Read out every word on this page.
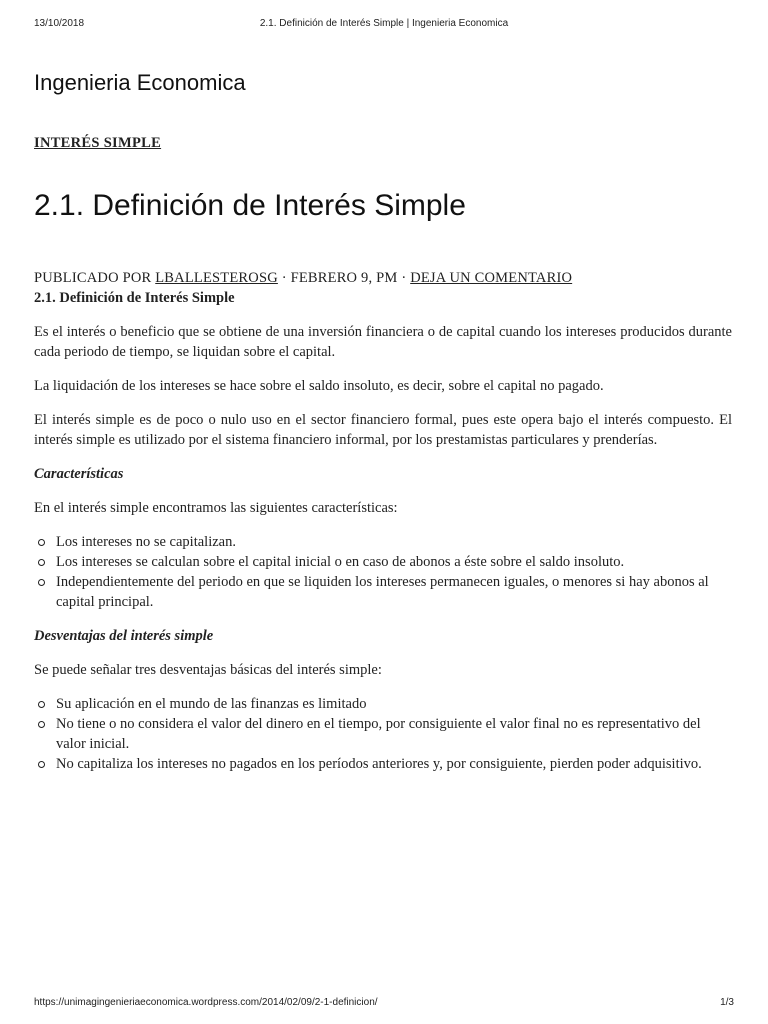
13/10/2018	2.1. Definición de Interés Simple | Ingenieria Economica
Ingenieria Economica
INTERÉS SIMPLE
2.1. Definición de Interés Simple
PUBLICADO POR LBALLESTEROSG · FEBRERO 9, PM · DEJA UN COMENTARIO
2.1. Definición de Interés Simple

Es el interés o beneficio que se obtiene de una inversión financiera o de capital cuando los intereses producidos durante cada periodo de tiempo, se liquidan sobre el capital.

La liquidación de los intereses se hace sobre el saldo insoluto, es decir, sobre el capital no pagado.

El interés simple es de poco o nulo uso en el sector financiero formal, pues este opera bajo el interés compuesto. El interés simple es utilizado por el sistema financiero informal, por los prestamistas particulares y prenderías.

Características

En el interés simple encontramos las siguientes características:

Los intereses no se capitalizan.
Los intereses se calculan sobre el capital inicial o en caso de abonos a éste sobre el saldo insoluto.
Independientemente del periodo en que se liquiden los intereses permanecen iguales, o menores si hay abonos al capital principal.

Desventajas del interés simple

Se puede señalar tres desventajas básicas del interés simple:

Su aplicación en el mundo de las finanzas es limitado
No tiene o no considera el valor del dinero en el tiempo, por consiguiente el valor final no es representativo del valor inicial.
No capitaliza los intereses no pagados en los períodos anteriores y, por consiguiente, pierden poder adquisitivo.
https://unimagingenieriaeconomica.wordpress.com/2014/02/09/2-1-definicion/	1/3
